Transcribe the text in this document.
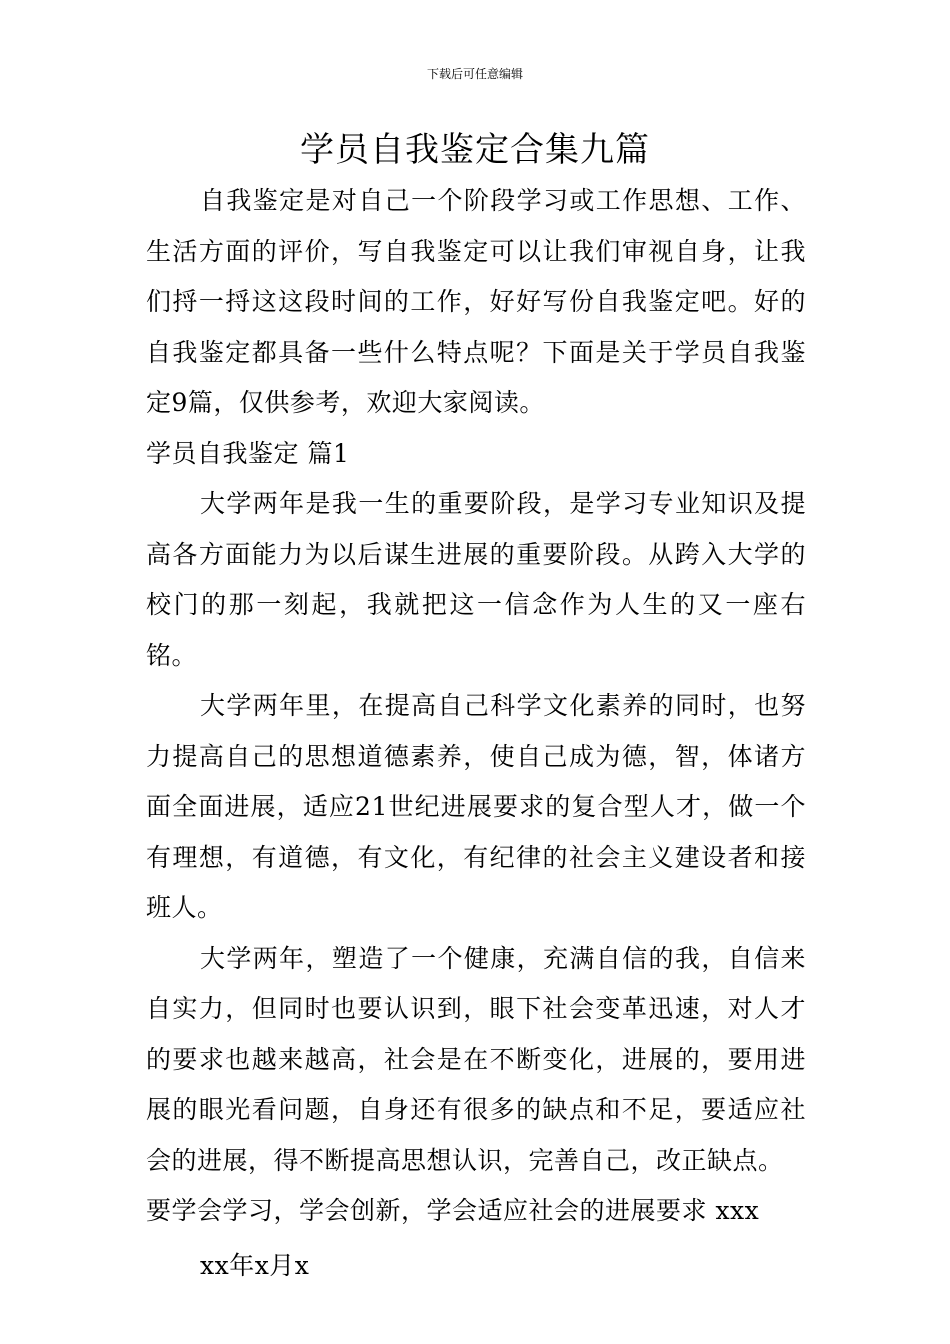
下载后可任意编辑
学员自我鉴定合集九篇

自我鉴定是对自己一个阶段学习或工作思想、工作、生活方面的评价，写自我鉴定可以让我们审视自身，让我们捋一捋这这段时间的工作，好好写份自我鉴定吧。好的自我鉴定都具备一些什么特点呢？下面是关于学员自我鉴定9篇，仅供参考，欢迎大家阅读。

学员自我鉴定 篇1

大学两年是我一生的重要阶段，是学习专业知识及提高各方面能力为以后谋生进展的重要阶段。从跨入大学的校门的那一刻起，我就把这一信念作为人生的又一座右铭。

大学两年里，在提高自己科学文化素养的同时，也努力提高自己的思想道德素养，使自己成为德，智，体诸方面全面进展，适应21世纪进展要求的复合型人才，做一个有理想，有道德，有文化，有纪律的社会主义建设者和接班人。

大学两年，塑造了一个健康，充满自信的我，自信来自实力，但同时也要认识到，眼下社会变革迅速，对人才的要求也越来越高，社会是在不断变化，进展的，要用进展的眼光看问题，自身还有很多的缺点和不足，要适应社会的进展，得不断提高思想认识，完善自己，改正缺点。

要学会学习，学会创新，学会适应社会的进展要求 xxx

xx年x月x
